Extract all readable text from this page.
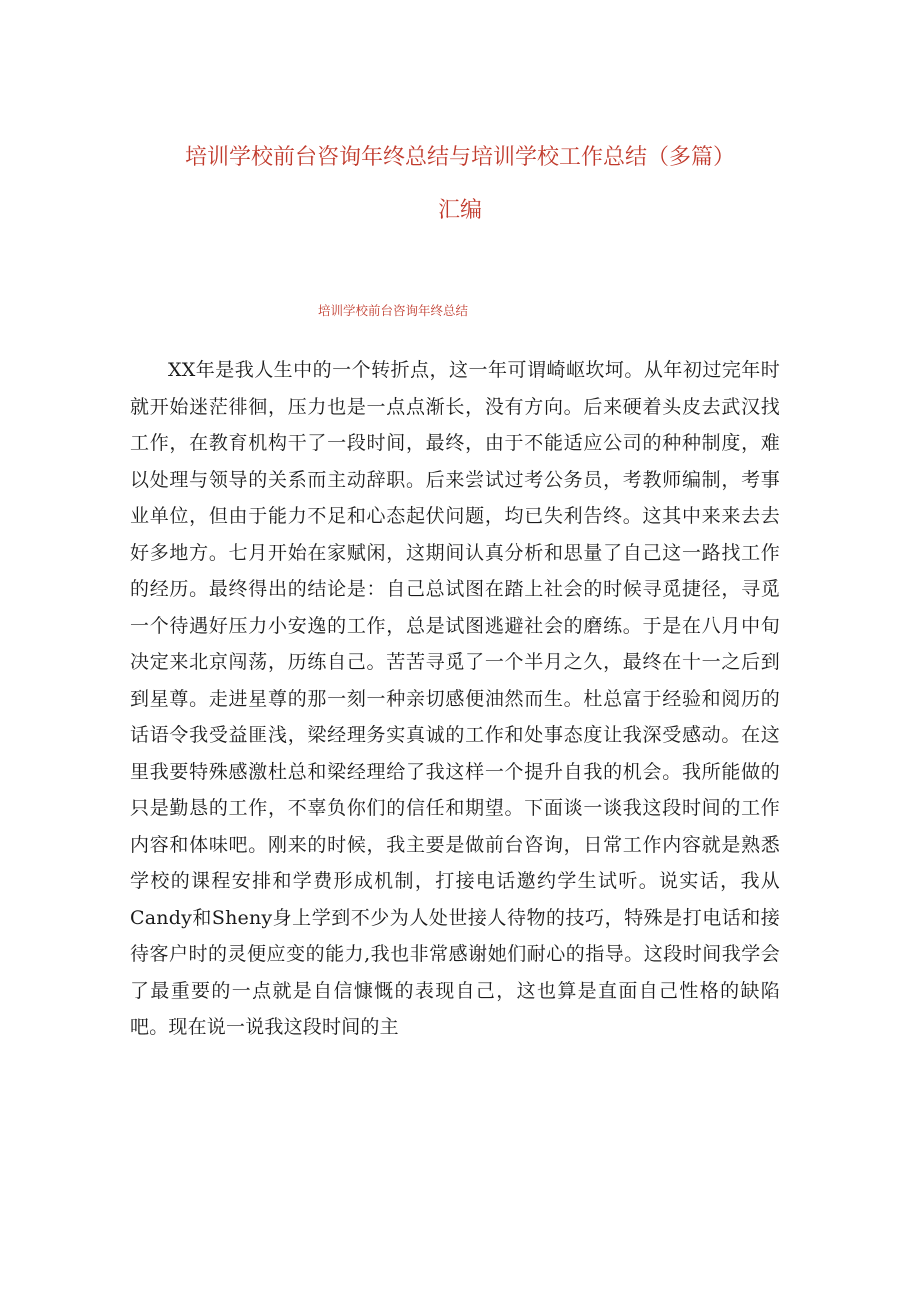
培训学校前台咨询年终总结与培训学校工作总结（多篇）
汇编
培训学校前台咨询年终总结

XX年是我人生中的一个转折点，这一年可谓崎岖坎坷。从年初过完年时就开始迷茫徘徊，压力也是一点点渐长，没有方向。后来硬着头皮去武汉找工作，在教育机构干了一段时间，最终，由于不能适应公司的种种制度，难以处理与领导的关系而主动辞职。后来尝试过考公务员，考教师编制，考事业单位，但由于能力不足和心态起伏问题，均已失利告终。这其中来来去去好多地方。七月开始在家赋闲，这期间认真分析和思量了自己这一路找工作的经历。最终得出的结论是：自己总试图在踏上社会的时候寻觅捷径，寻觅一个待遇好压力小安逸的工作，总是试图逃避社会的磨练。于是在八月中旬决定来北京闯荡，历练自己。苦苦寻觅了一个半月之久，最终在十一之后到到星尊。走进星尊的那一刻一种亲切感便油然而生。杜总富于经验和阅历的话语令我受益匪浅，梁经理务实真诚的工作和处事态度让我深受感动。在这里我要特殊感激杜总和梁经理给了我这样一个提升自我的机会。我所能做的只是勤恳的工作，不辜负你们的信任和期望。下面谈一谈我这段时间的工作内容和体味吧。刚来的时候，我主要是做前台咨询，日常工作内容就是熟悉学校的课程安排和学费形成机制，打接电话邀约学生试听。说实话，我从Candy和Sheny身上学到不少为人处世接人待物的技巧，特殊是打电话和接待客户时的灵便应变的能力,我也非常感谢她们耐心的指导。这段时间我学会了最重要的一点就是自信慷慨的表现自己，这也算是直面自己性格的缺陷吧。现在说一说我这段时间的主
